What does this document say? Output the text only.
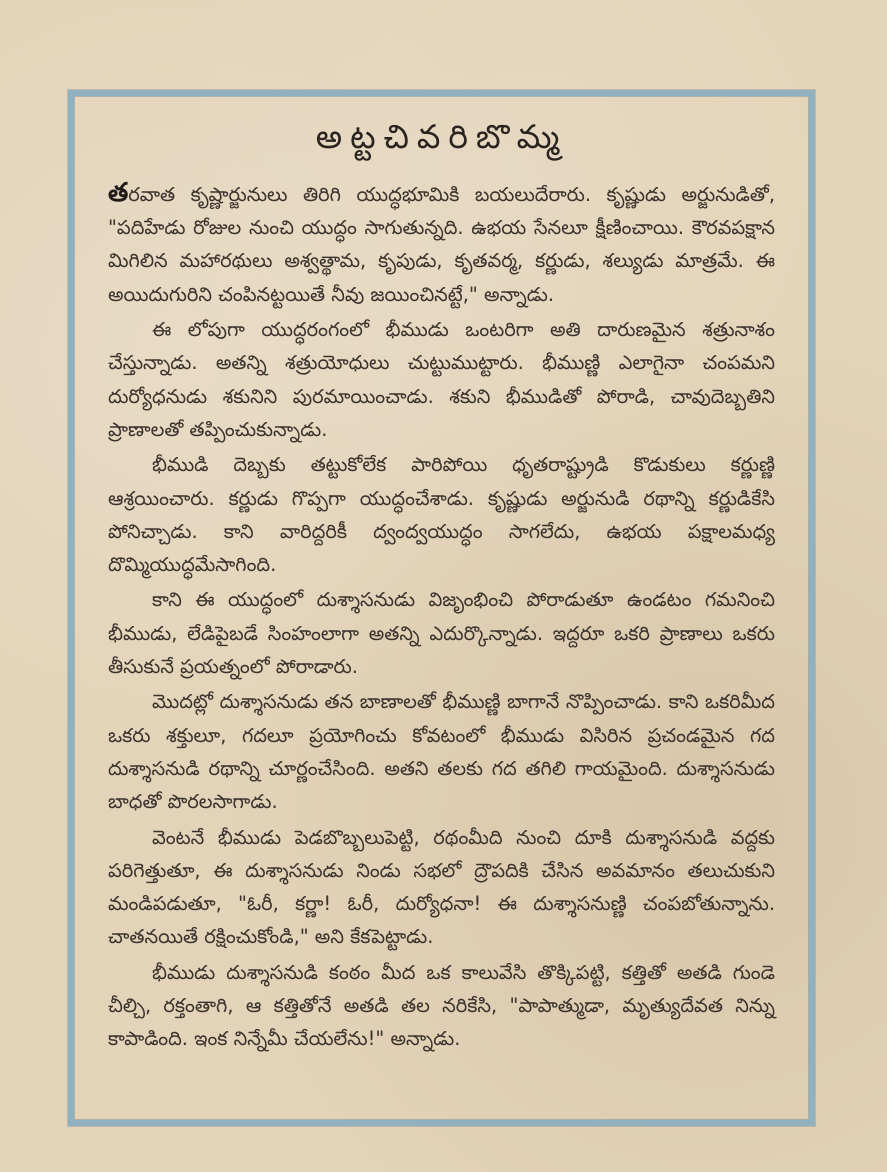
అట్టచివరిబొమ్మ

తరవాత కృష్ణార్జునులు తిరిగి యుద్ధభూమికి బయలుదేరారు. కృష్ణుడు అర్జునుడితో, "పదిహేడు రోజుల నుంచి యుద్ధం సాగుతున్నది. ఉభయ సేనలూ క్షీణించాయి. కౌరవపక్షాన మిగిలిన మహారథులు అశ్వత్థామ, కృపుడు, కృతవర్మ, కర్ణుడు, శల్యుడు మాత్రమే. ఈ అయిదుగురిని చంపినట్టయితే నీవు జయించినట్టే," అన్నాడు.

ఈ లోపుగా యుద్ధరంగంలో భీముడు ఒంటరిగా అతి దారుణమైన శత్రునాశం చేస్తున్నాడు. అతన్ని శత్రుయోధులు చుట్టుముట్టారు. భీముణ్ణి ఎలాగైనా చంపమని దుర్యోధనుడు శకునిని పురమాయించాడు. శకుని భీముడితో పోరాడి, చావుదెబ్బతిని ప్రాణాలతో తప్పించుకున్నాడు.

భీముడి దెబ్బకు తట్టుకోలేక పారిపోయి ధృతరాష్ట్రుడి కొడుకులు కర్ణుణ్ణి ఆశ్రయించారు. కర్ణుడు గొప్పగా యుద్ధంచేశాడు. కృష్ణుడు అర్జునుడి రథాన్ని కర్ణుడికేసి పోనిచ్చాడు. కాని వారిద్దరికీ ద్వంద్వయుద్ధం సాగలేదు, ఉభయ పక్షాలమధ్య దొమ్మియుద్ధమేసాగింది.

కాని ఈ యుద్ధంలో దుశ్శాసనుడు విజృంభించి పోరాడుతూ ఉండటం గమనించి భీముడు, లేడిపైబడే సింహంలాగా అతన్ని ఎదుర్కొన్నాడు. ఇద్దరూ ఒకరి ప్రాణాలు ఒకరు తీసుకునే ప్రయత్నంలో పోరాడారు.

మొదట్లో దుశ్శాసనుడు తన బాణాలతో భీముణ్ణి బాగానే నొప్పించాడు. కాని ఒకరిమీద ఒకరు శక్తులూ, గదలూ ప్రయోగించు కోవటంలో భీముడు విసిరిన ప్రచండమైన గద దుశ్శాసనుడి రథాన్ని చూర్ణంచేసింది. అతని తలకు గద తగిలి గాయమైంది. దుశ్శాసనుడు బాధతో పొరలసాగాడు.

వెంటనే భీముడు పెడబొబ్బలుపెట్టి, రథంమీది నుంచి దూకి దుశ్శాసనుడి వద్దకు పరిగెత్తుతూ, ఈ దుశ్శాసనుడు నిండు సభలో ద్రౌపదికి చేసిన అవమానం తలుచుకుని మండిపడుతూ, "ఓరీ, కర్ణా! ఓరీ, దుర్యోధనా! ఈ దుశ్శాసనుణ్ణి చంపబోతున్నాను. చాతనయితే రక్షించుకోండి," అని కేకపెట్టాడు.

భీముడు దుశ్శాసనుడి కంఠం మీద ఒక కాలువేసి తొక్కిపట్టి, కత్తితో అతడి గుండె చీల్చి, రక్తంతాగి, ఆ కత్తితోనే అతడి తల నరికేసి, "పాపాత్ముడా, మృత్యుదేవత నిన్ను కాపాడింది. ఇంక నిన్నేమీ చేయలేను!" అన్నాడు.
